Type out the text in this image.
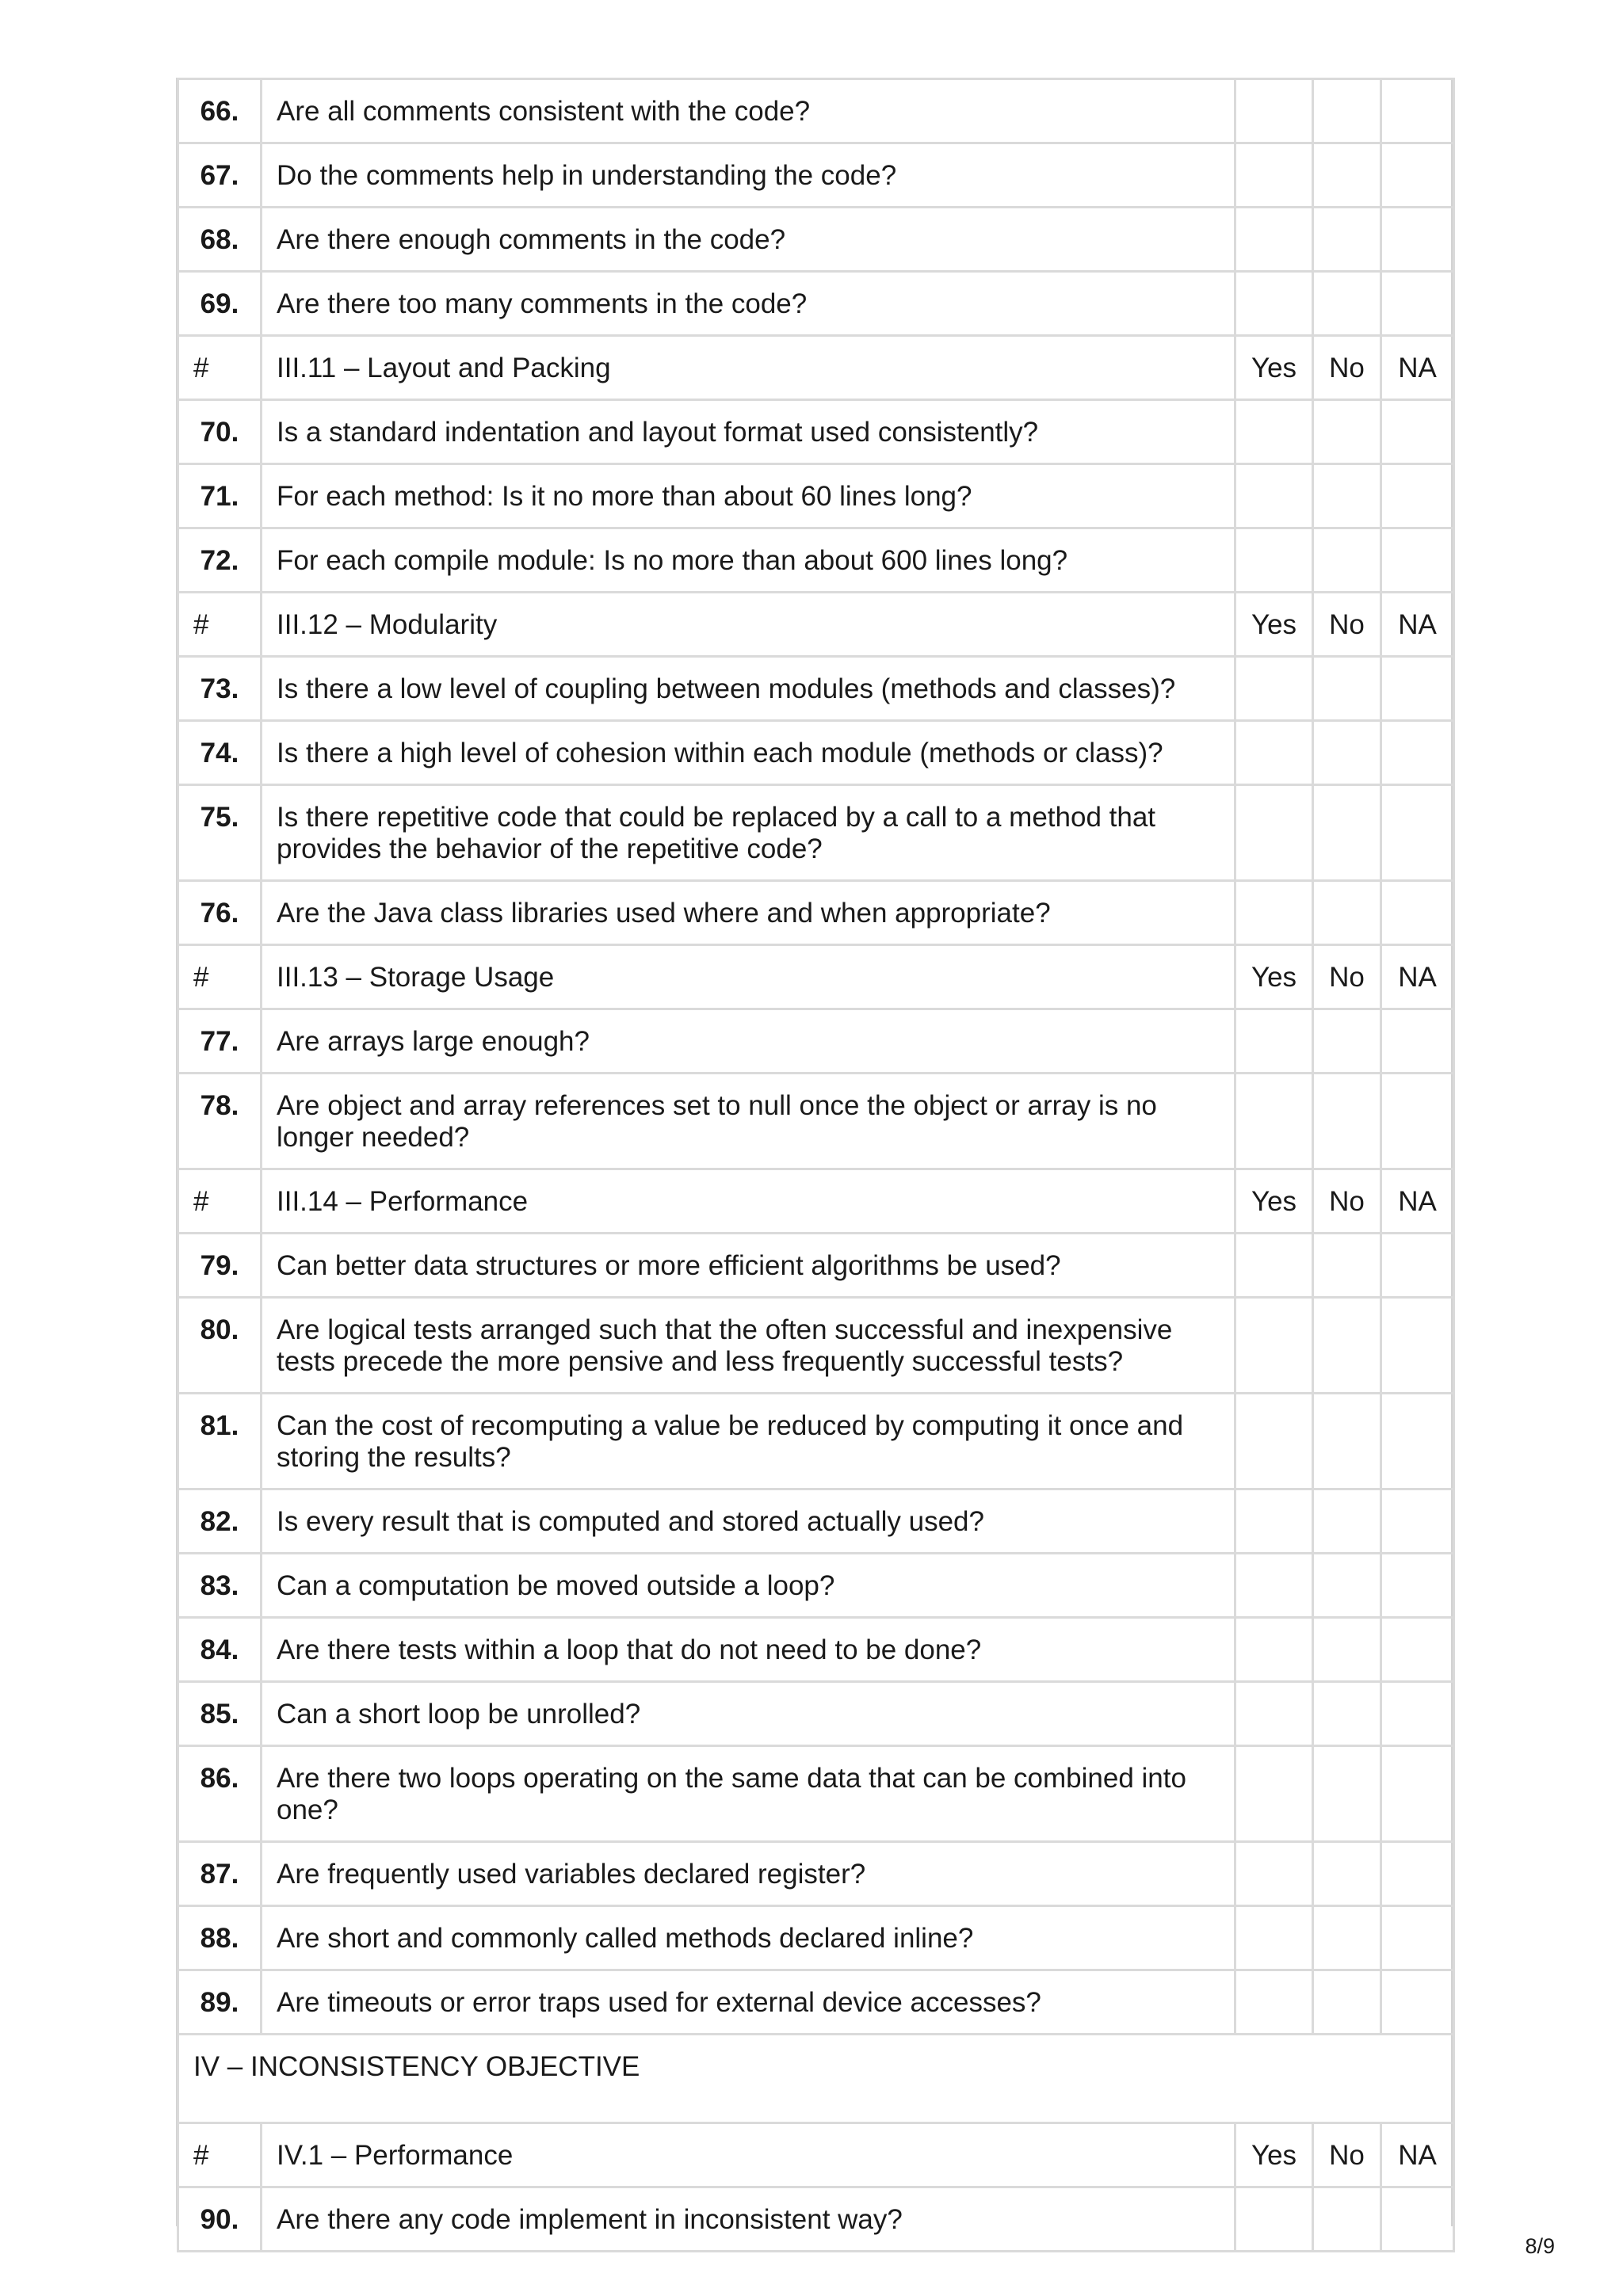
66.	Are all comments consistent with the code?			
67.	Do the comments help in understanding the code?			
68.	Are there enough comments in the code?			
69.	Are there too many comments in the code?			
#	III.11 – Layout and Packing	Yes	No	NA
70.	Is a standard indentation and layout format used consistently?			
71.	For each method: Is it no more than about 60 lines long?			
72.	For each compile module: Is no more than about 600 lines long?			
#	III.12 – Modularity	Yes	No	NA
73.	Is there a low level of coupling between modules (methods and classes)?			
74.	Is there a high level of cohesion within each module (methods or class)?			
75.	Is there repetitive code that could be replaced by a call to a method that provides the behavior of the repetitive code?			
76.	Are the Java class libraries used where and when appropriate?			
#	III.13 – Storage Usage	Yes	No	NA
77.	Are arrays large enough?			
78.	Are object and array references set to null once the object or array is no longer needed?			
#	III.14 – Performance	Yes	No	NA
79.	Can better data structures or more efficient algorithms be used?			
80.	Are logical tests arranged such that the often successful and inexpensive tests precede the more pensive and less frequently successful tests?			
81.	Can the cost of recomputing a value be reduced by computing it once and storing the results?			
82.	Is every result that is computed and stored actually used?			
83.	Can a computation be moved outside a loop?			
84.	Are there tests within a loop that do not need to be done?			
85.	Can a short loop be unrolled?			
86.	Are there two loops operating on the same data that can be combined into one?			
87.	Are frequently used variables declared register?			
88.	Are short and commonly called methods declared inline?			
89.	Are timeouts or error traps used for external device accesses?			
IV – INCONSISTENCY OBJECTIVE				
#	IV.1 – Performance	Yes	No	NA
90.	Are there any code implement in inconsistent way?			
8/9
